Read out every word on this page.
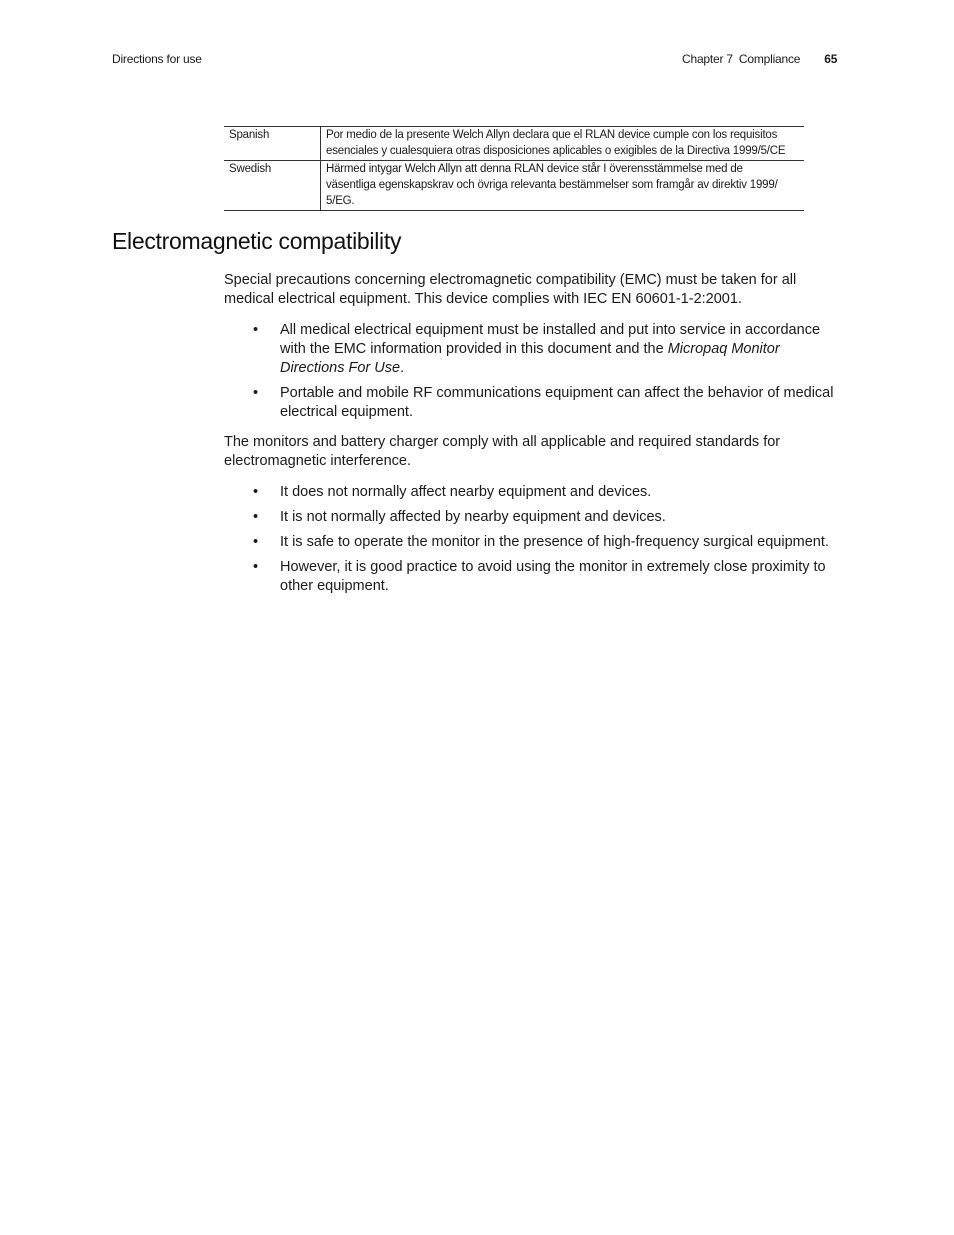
Directions for use	Chapter 7 Compliance 65
Spanish	Por medio de la presente Welch Allyn declara que el RLAN device cumple con los requisitos
esenciales y cualesquiera otras disposiciones aplicables o exigibles de la Directiva 1999/5/CE

Swedish	Härmed intygar Welch Allyn att denna RLAN device står I överensstämmelse med de
väsentliga egenskapskrav och övriga relevanta bestämmelser som framgår av direktiv 1999/
5/EG.
Electromagnetic compatibility

Special precautions concerning electromagnetic compatibility (EMC) must be taken for all medical electrical equipment. This device complies with IEC EN 60601-1-2:2001.

• All medical electrical equipment must be installed and put into service in accordance with the EMC information provided in this document and the Micropaq Monitor Directions For Use.
• Portable and mobile RF communications equipment can affect the behavior of medical electrical equipment.

The monitors and battery charger comply with all applicable and required standards for electromagnetic interference.

• It does not normally affect nearby equipment and devices.
• It is not normally affected by nearby equipment and devices.
• It is safe to operate the monitor in the presence of high-frequency surgical equipment.
• However, it is good practice to avoid using the monitor in extremely close proximity to other equipment.
